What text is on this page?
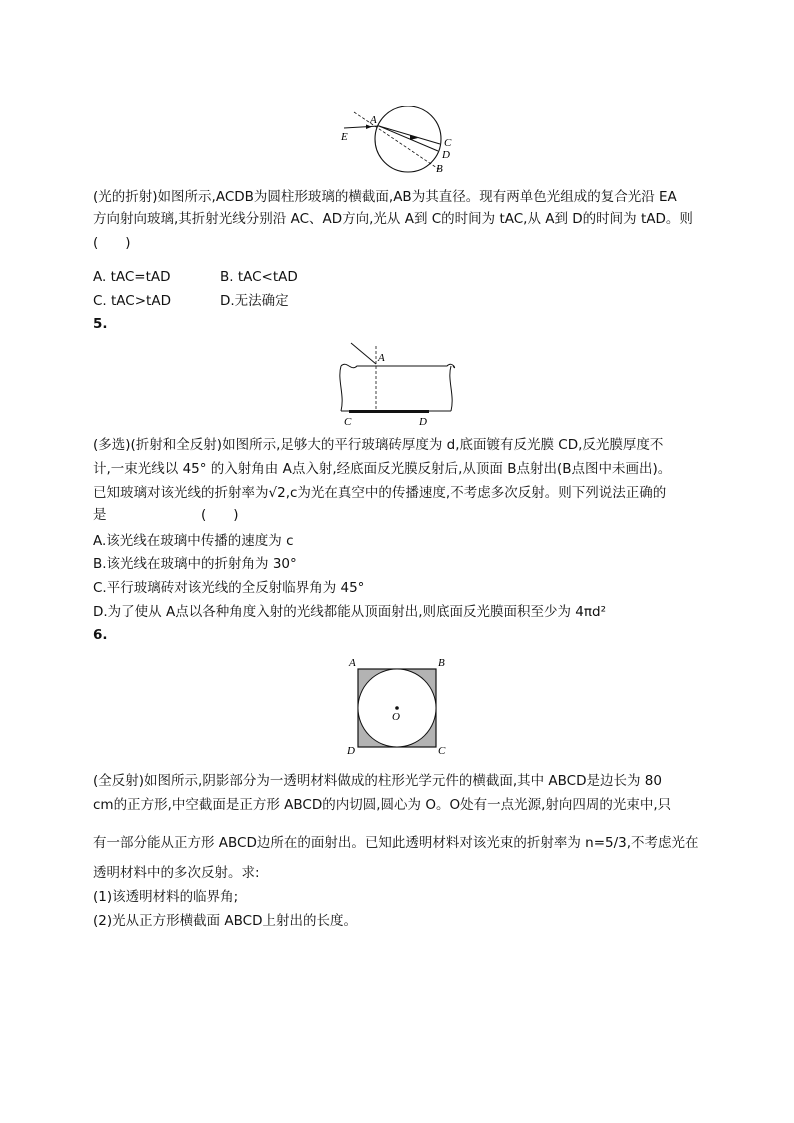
A
E	C
D
B
(光的折射)如图所示,ACDB为圆柱形玻璃的横截面,AB为其直径。现有两单色光组成的复合光沿 EA
方向射向玻璃,其折射光线分别沿 AC、AD方向,光从 A到 C的时间为 tAC,从 A到 D的时间为 tAD。则
(　　)
A. tAC=tAD	B. tAC<tAD
C. tAC>tAD	D.无法确定
5.
A
C	D
(多选)(折射和全反射)如图所示,足够大的平行玻璃砖厚度为 d,底面镀有反光膜 CD,反光膜厚度不
计,一束光线以 45° 的入射角由 A点入射,经底面反光膜反射后,从顶面 B点射出(B点图中未画出)。
已知玻璃对该光线的折射率为√2,c为光在真空中的传播速度,不考虑多次反射。则下列说法正确的
是　　　　　　　(　　)
A.该光线在玻璃中传播的速度为 c
B.该光线在玻璃中的折射角为 30°
C.平行玻璃砖对该光线的全反射临界角为 45°
D.为了使从 A点以各种角度入射的光线都能从顶面射出,则底面反光膜面积至少为 4πd²
6.
A	B
D	C
O
(全反射)如图所示,阴影部分为一透明材料做成的柱形光学元件的横截面,其中 ABCD是边长为 80
cm的正方形,中空截面是正方形 ABCD的内切圆,圆心为 O。O处有一点光源,射向四周的光束中,只
有一部分能从正方形 ABCD边所在的面射出。已知此透明材料对该光束的折射率为 n=5/3,不考虑光在
透明材料中的多次反射。求:
(1)该透明材料的临界角;
(2)光从正方形横截面 ABCD上射出的长度。
